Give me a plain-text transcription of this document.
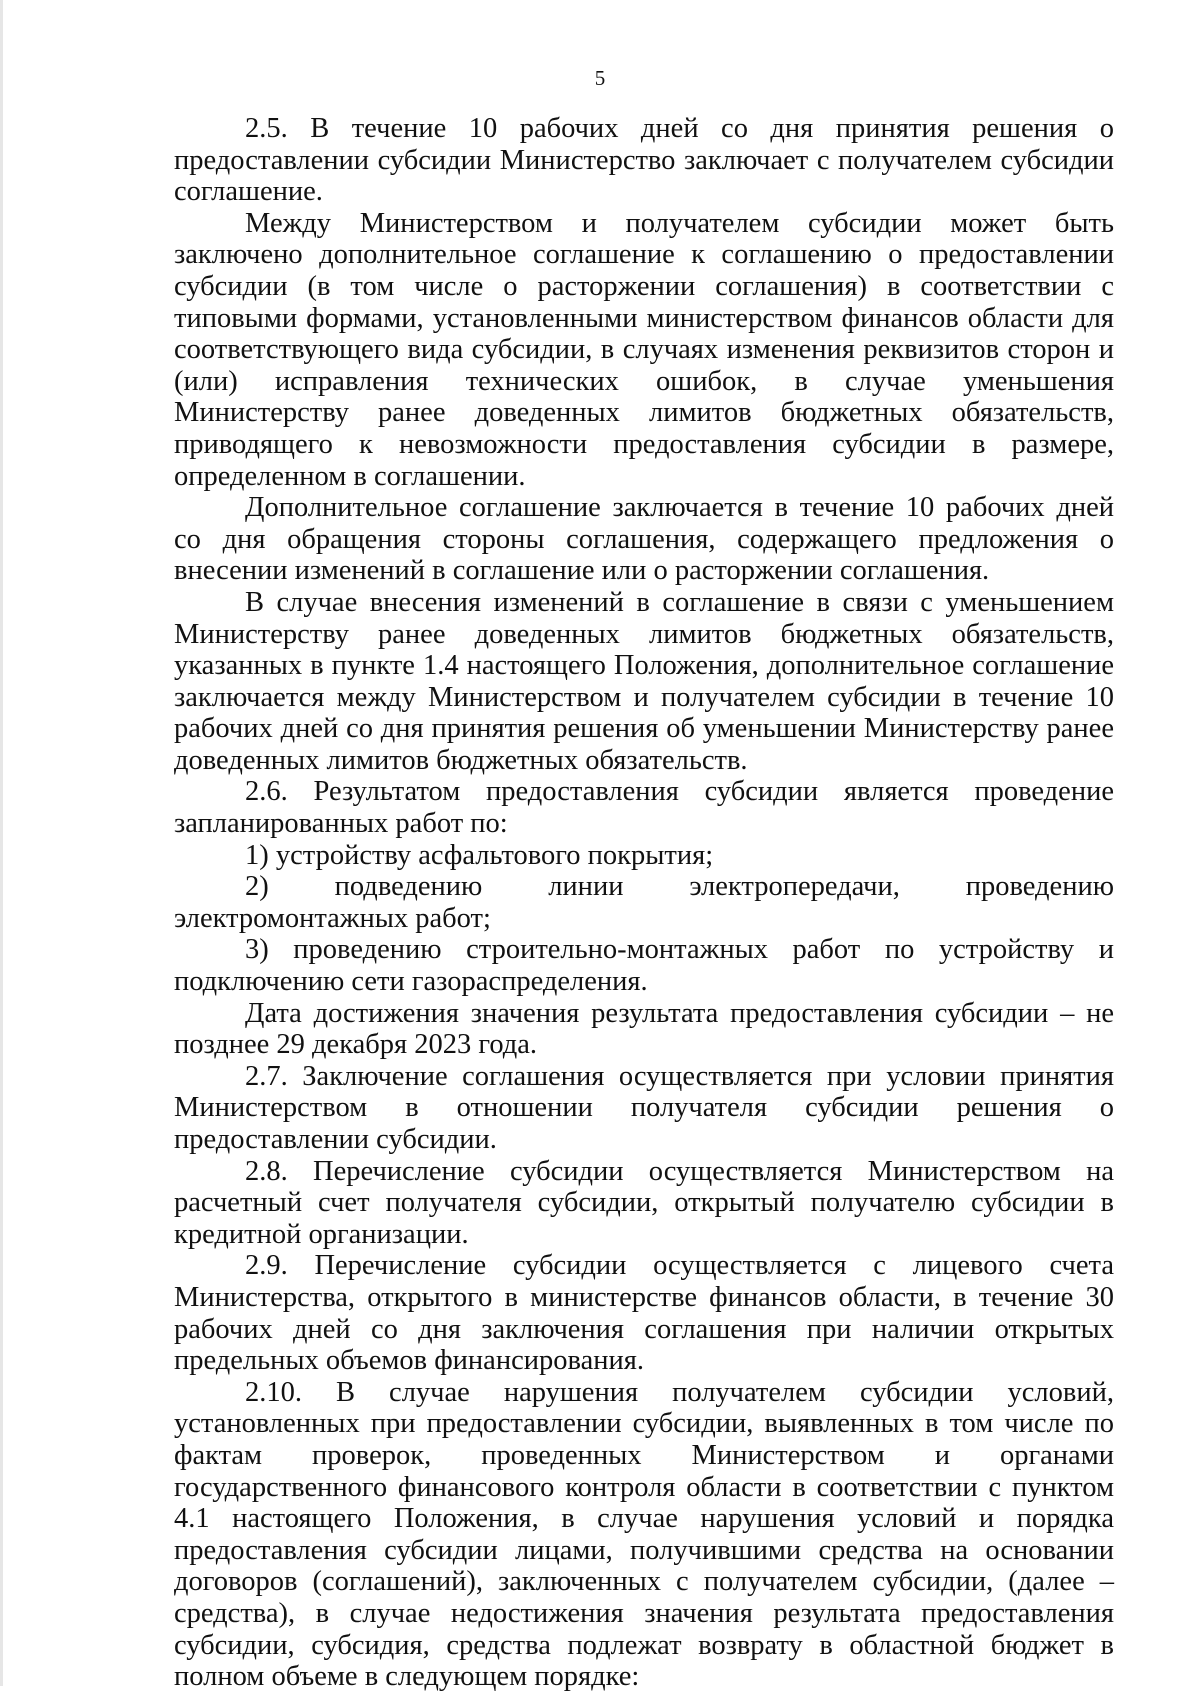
5

2.5. В течение 10 рабочих дней со дня принятия решения о предоставлении субсидии Министерство заключает с получателем субсидии соглашение.

Между Министерством и получателем субсидии может быть заключено дополнительное соглашение к соглашению о предоставлении субсидии (в том числе о расторжении соглашения) в соответствии с типовыми формами, установленными министерством финансов области для соответствующего вида субсидии, в случаях изменения реквизитов сторон и (или) исправления технических ошибок, в случае уменьшения Министерству ранее доведенных лимитов бюджетных обязательств, приводящего к невозможности предоставления субсидии в размере, определенном в соглашении.

Дополнительное соглашение заключается в течение 10 рабочих дней со дня обращения стороны соглашения, содержащего предложения о внесении изменений в соглашение или о расторжении соглашения.

В случае внесения изменений в соглашение в связи с уменьшением Министерству ранее доведенных лимитов бюджетных обязательств, указанных в пункте 1.4 настоящего Положения, дополнительное соглашение заключается между Министерством и получателем субсидии в течение 10 рабочих дней со дня принятия решения об уменьшении Министерству ранее доведенных лимитов бюджетных обязательств.

2.6. Результатом предоставления субсидии является проведение запланированных работ по:

1) устройству асфальтового покрытия;

2) подведению линии электропередачи, проведению электромонтажных работ;

3) проведению строительно-монтажных работ по устройству и подключению сети газораспределения.

Дата достижения значения результата предоставления субсидии – не позднее 29 декабря 2023 года.

2.7. Заключение соглашения осуществляется при условии принятия Министерством в отношении получателя субсидии решения о предоставлении субсидии.

2.8. Перечисление субсидии осуществляется Министерством на расчетный счет получателя субсидии, открытый получателю субсидии в кредитной организации.

2.9. Перечисление субсидии осуществляется с лицевого счета Министерства, открытого в министерстве финансов области, в течение 30 рабочих дней со дня заключения соглашения при наличии открытых предельных объемов финансирования.

2.10. В случае нарушения получателем субсидии условий, установленных при предоставлении субсидии, выявленных в том числе по фактам проверок, проведенных Министерством и органами государственного финансового контроля области в соответствии с пунктом 4.1 настоящего Положения, в случае нарушения условий и порядка предоставления субсидии лицами, получившими средства на основании договоров (соглашений), заключенных с получателем субсидии, (далее – средства), в случае недостижения значения результата предоставления субсидии, субсидия, средства подлежат возврату в областной бюджет в полном объеме в следующем порядке:
